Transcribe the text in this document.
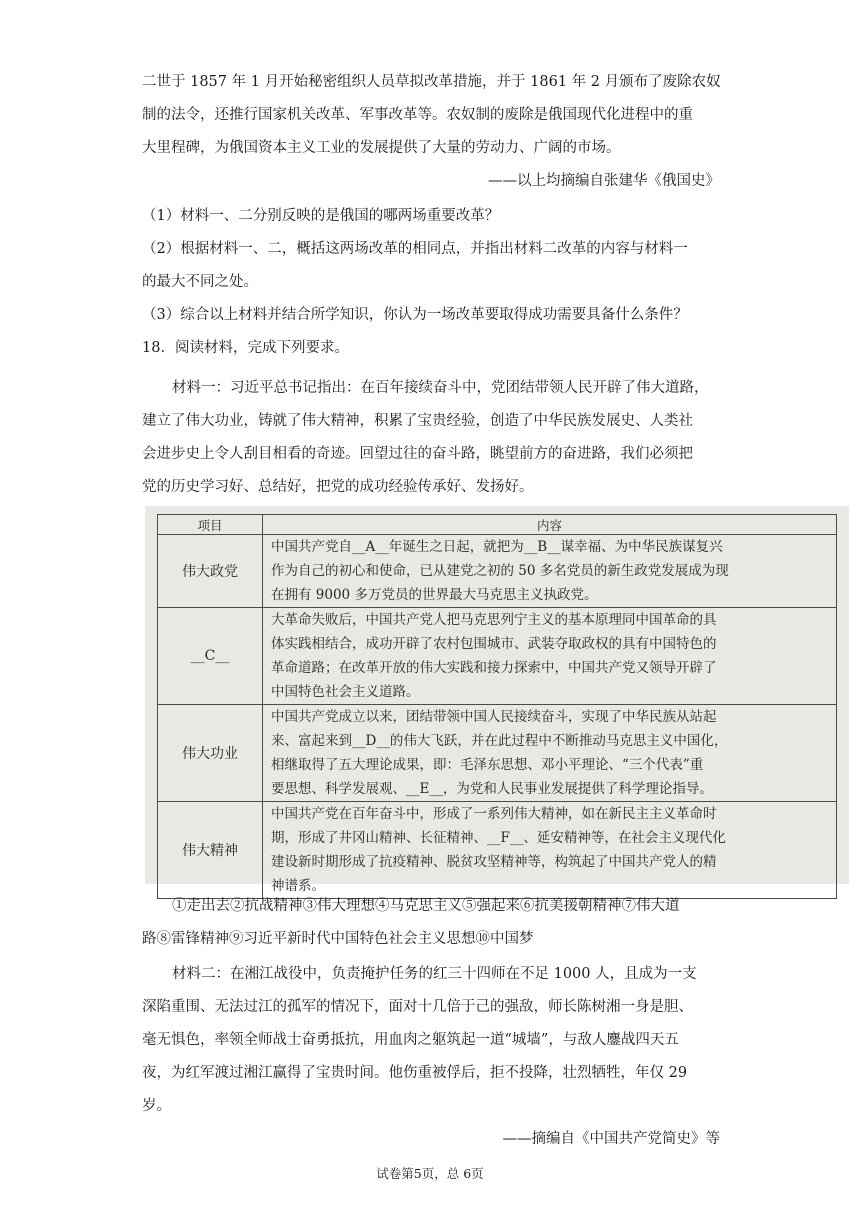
二世于 1857 年 1 月开始秘密组织人员草拟改革措施，并于 1861 年 2 月颁布了废除农奴
制的法令，还推行国家机关改革、军事改革等。农奴制的废除是俄国现代化进程中的重
大里程碑，为俄国资本主义工业的发展提供了大量的劳动力、广阔的市场。
——以上均摘编自张建华《俄国史》
（1）材料一、二分别反映的是俄国的哪两场重要改革？
（2）根据材料一、二，概括这两场改革的相同点，并指出材料二改革的内容与材料一
的最大不同之处。
（3）综合以上材料并结合所学知识，你认为一场改革要取得成功需要具备什么条件？
18．阅读材料，完成下列要求。
材料一：习近平总书记指出：在百年接续奋斗中，党团结带领人民开辟了伟大道路，
建立了伟大功业，铸就了伟大精神，积累了宝贵经验，创造了中华民族发展史、人类社
会进步史上令人刮目相看的奇迹。回望过往的奋斗路，眺望前方的奋进路，我们必须把
党的历史学习好、总结好，把党的成功经验传承好、发扬好。
项目	内容
伟大政党	中国共产党自__A__年诞生之日起，就把为__B__谋幸福、为中华民族谋复兴
作为自己的初心和使命，已从建党之初的 50 多名党员的新生政党发展成为现
在拥有 9000 多万党员的世界最大马克思主义执政党。

__C__	大革命失败后，中国共产党人把马克思列宁主义的基本原理同中国革命的具
体实践相结合，成功开辟了农村包围城市、武装夺取政权的具有中国特色的
革命道路；在改革开放的伟大实践和接力探索中，中国共产党又领导开辟了
中国特色社会主义道路。

伟大功业	中国共产党成立以来，团结带领中国人民接续奋斗，实现了中华民族从站起
来、富起来到__D__的伟大飞跃，并在此过程中不断推动马克思主义中国化，
相继取得了五大理论成果，即：毛泽东思想、邓小平理论、“三个代表”重
要思想、科学发展观、__E__，为党和人民事业发展提供了科学理论指导。

伟大精神	中国共产党在百年奋斗中，形成了一系列伟大精神，如在新民主主义革命时
期，形成了井冈山精神、长征精神、__F__、延安精神等，在社会主义现代化
建设新时期形成了抗疫精神、脱贫攻坚精神等，构筑起了中国共产党人的精
神谱系。
①走出去②抗战精神③伟大理想④马克思主义⑤强起来⑥抗美援朝精神⑦伟大道
路⑧雷锋精神⑨习近平新时代中国特色社会主义思想⑩中国梦
材料二：在湘江战役中，负责掩护任务的红三十四师在不足 1000 人，且成为一支
深陷重围、无法过江的孤军的情况下，面对十几倍于己的强敌，师长陈树湘一身是胆、
毫无惧色，率领全师战士奋勇抵抗，用血肉之躯筑起一道“城墙”，与敌人鏖战四天五
夜，为红军渡过湘江赢得了宝贵时间。他伤重被俘后，拒不投降，壮烈牺牲，年仅 29
岁。
——摘编自《中国共产党简史》等
试卷第5页，总 6页
